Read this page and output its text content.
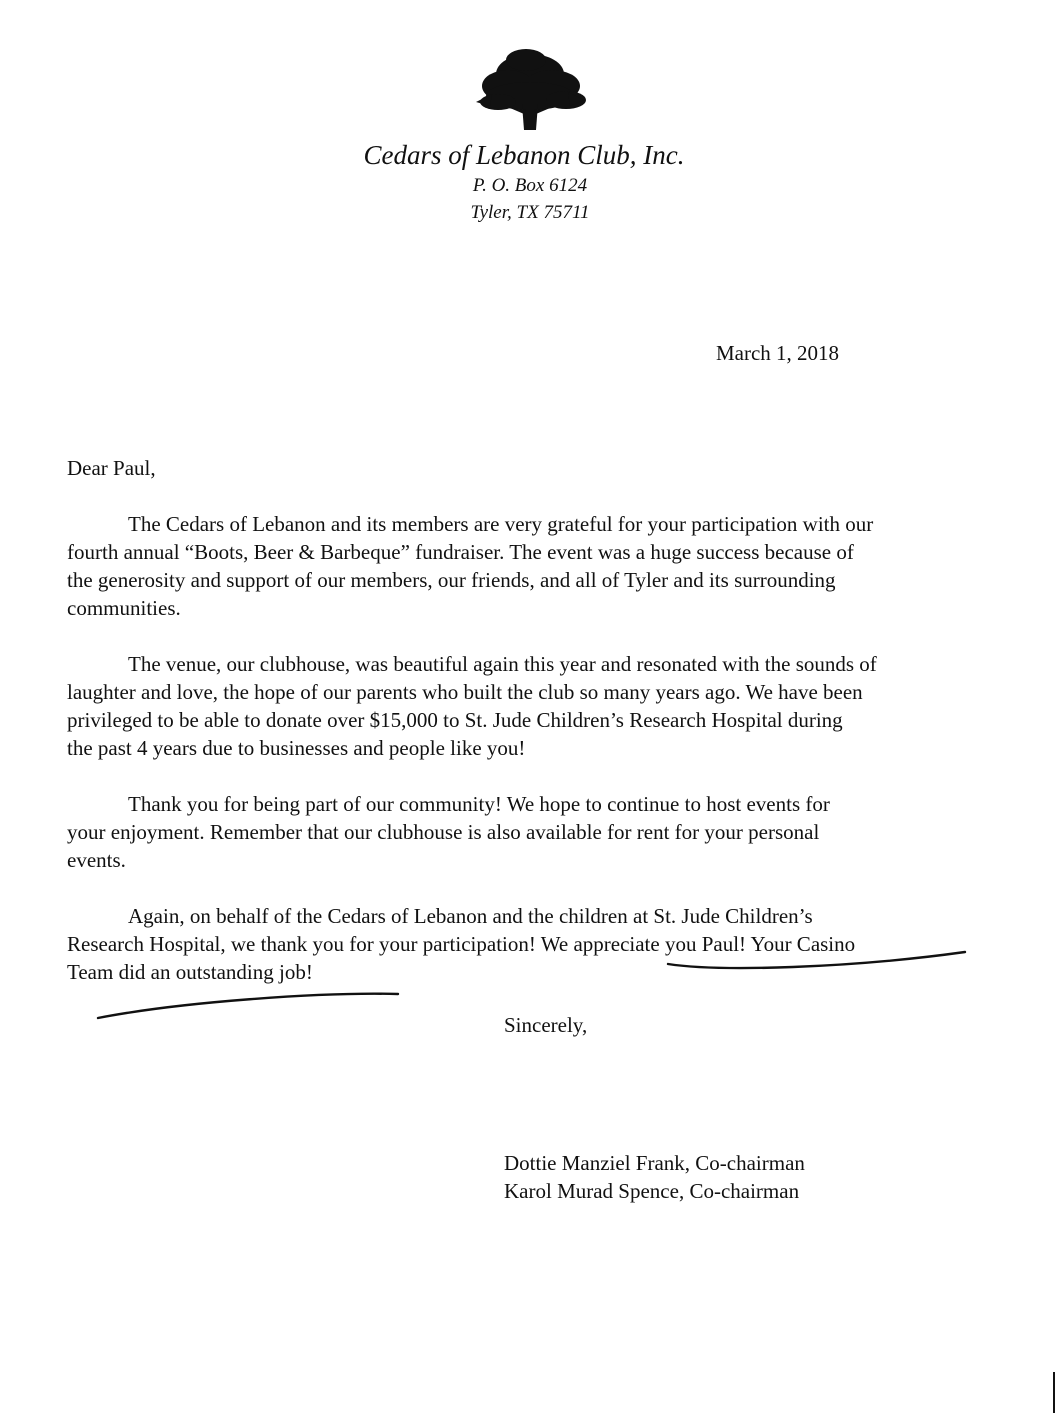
Cedars of Lebanon Club, Inc.
P. O. Box 6124
Tyler, TX 75711
March 1, 2018
Dear Paul,
The Cedars of Lebanon and its members are very grateful for your participation with our
fourth annual “Boots, Beer & Barbeque” fundraiser. The event was a huge success because of
the generosity and support of our members, our friends, and all of Tyler and its surrounding
communities.
The venue, our clubhouse, was beautiful again this year and resonated with the sounds of
laughter and love, the hope of our parents who built the club so many years ago. We have been
privileged to be able to donate over $15,000 to St. Jude Children’s Research Hospital during
the past 4 years due to businesses and people like you!
Thank you for being part of our community! We hope to continue to host events for
your enjoyment. Remember that our clubhouse is also available for rent for your personal
events.
Again, on behalf of the Cedars of Lebanon and the children at St. Jude Children’s
Research Hospital, we thank you for your participation! We appreciate you Paul! Your Casino
Team did an outstanding job!
Sincerely,
Dottie Manziel Frank, Co-chairman
Karol Murad Spence, Co-chairman
